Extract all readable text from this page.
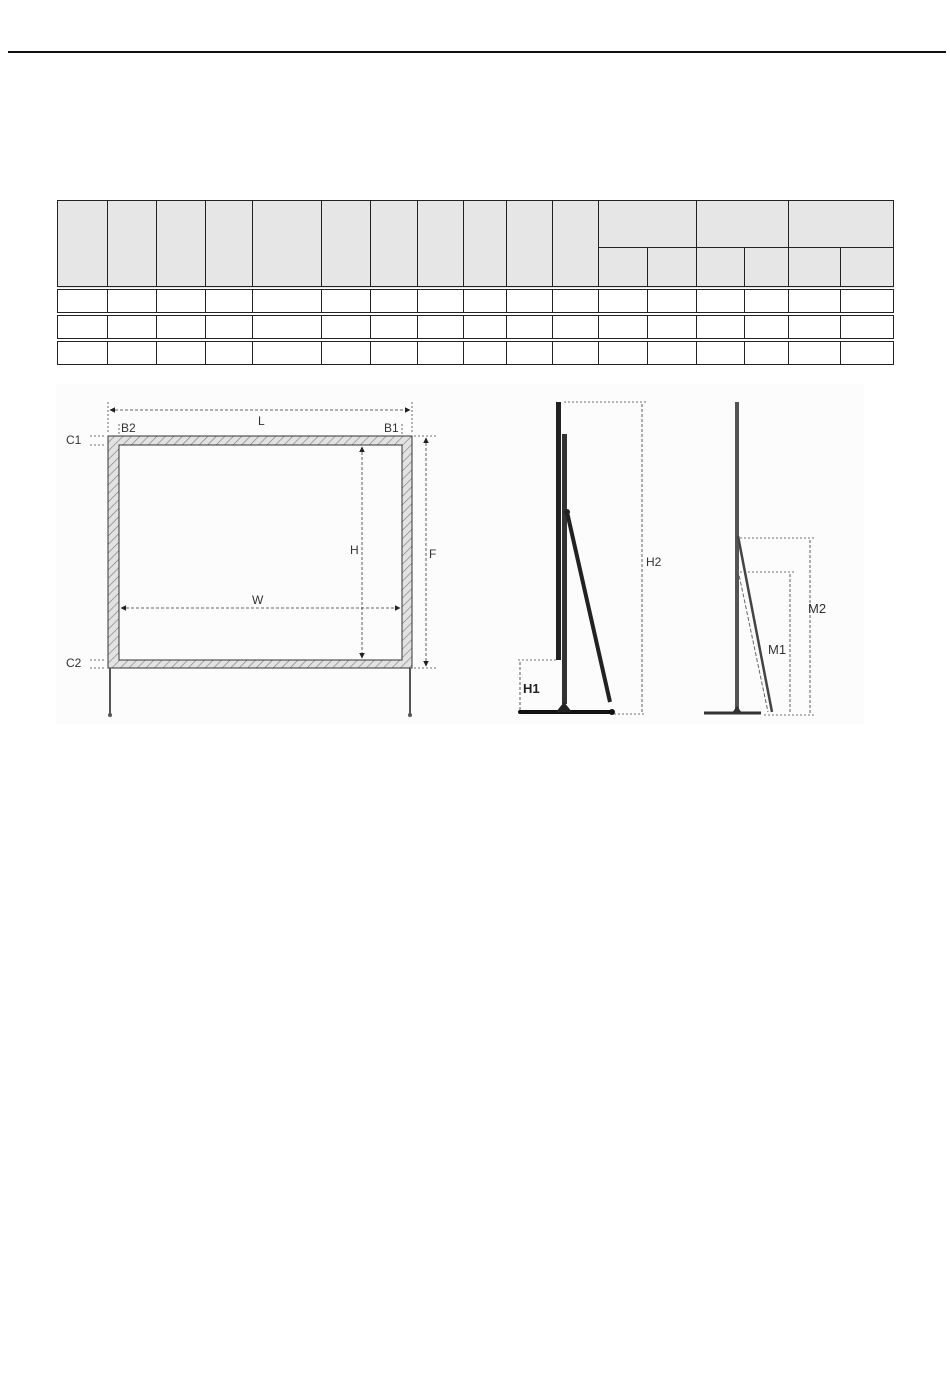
L
B2	B1
C1
C2
H
W
F
H2
H1
M2
M1
